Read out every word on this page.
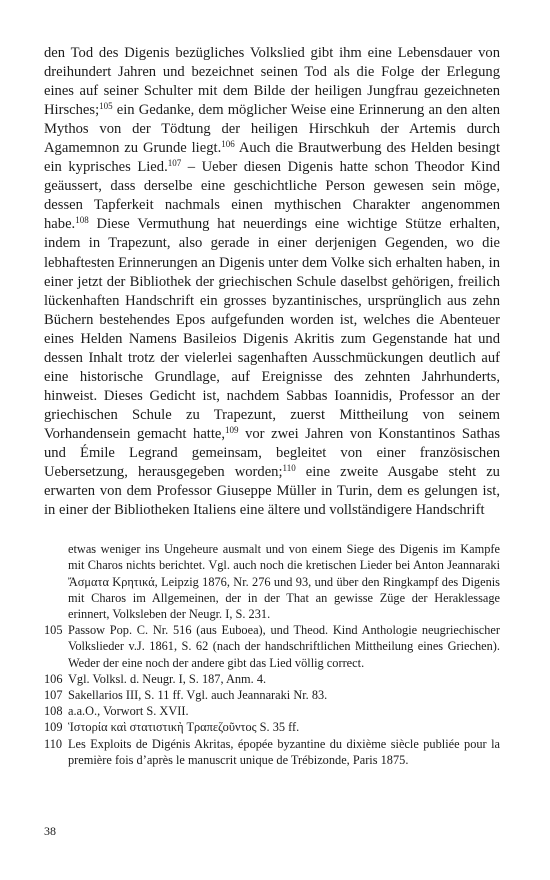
den Tod des Digenis bezügliches Volkslied gibt ihm eine Lebensdauer von dreihundert Jahren und bezeichnet seinen Tod als die Folge der Erlegung eines auf seiner Schulter mit dem Bilde der heiligen Jungfrau gezeichneten Hirsches;$^{105}$ ein Gedanke, dem möglicher Weise eine Erinnerung an den alten Mythos von der Tödtung der heiligen Hirschkuh der Artemis durch Agamemnon zu Grunde liegt.$^{106}$ Auch die Brautwerbung des Helden besingt ein kyprisches Lied.$^{107}$ – Ueber diesen Digenis hatte schon Theodor Kind geäussert, dass derselbe eine geschichtliche Person gewesen sein möge, dessen Tapferkeit nachmals einen mythischen Charakter angenommen habe.$^{108}$ Diese Vermuthung hat neuerdings eine wichtige Stütze erhalten, indem in Trapezunt, also gerade in einer derjenigen Gegenden, wo die lebhaftesten Erinnerungen an Digenis unter dem Volke sich erhalten haben, in einer jetzt der Bibliothek der griechischen Schule daselbst gehörigen, freilich lückenhaften Handschrift ein grosses byzantinisches, ursprünglich aus zehn Büchern bestehendes Epos aufgefunden worden ist, welches die Abenteuer eines Helden Namens Basileios Digenis Akritis zum Gegenstande hat und dessen Inhalt trotz der vielerlei sagenhaften Ausschmückungen deutlich auf eine historische Grundlage, auf Ereignisse des zehnten Jahrhunderts, hinweist. Dieses Gedicht ist, nachdem Sabbas Ioannidis, Professor an der griechischen Schule zu Trapezunt, zuerst Mittheilung von seinem Vorhandensein gemacht hatte,$^{109}$ vor zwei Jahren von Konstantinos Sathas und Émile Legrand gemeinsam, begleitet von einer französischen Uebersetzung, herausgegeben worden;$^{110}$ eine zweite Ausgabe steht zu erwarten von dem Professor Giuseppe Müller in Turin, dem es gelungen ist, in einer der Bibliotheken Italiens eine ältere und vollständigere Handschrift

etwas weniger ins Ungeheure ausmalt und von einem Siege des Digenis im Kampfe mit Charos nichts berichtet. Vgl. auch noch die kretischen Lieder bei Anton Jeannaraki Ἄσματα Κρητικά, Leipzig 1876, Nr. 276 und 93, und über den Ringkampf des Digenis mit Charos im Allgemeinen, der in der That an gewisse Züge der Heraklessage erinnert, Volksleben der Neugr. I, S. 231.

105 Passow Pop. C. Nr. 516 (aus Euboea), und Theod. Kind Anthologie neugriechischer Volkslieder v.J. 1861, S. 62 (nach der handschriftlichen Mittheilung eines Griechen). Weder der eine noch der andere gibt das Lied völlig correct.
106 Vgl. Volksl. d. Neugr. I, S. 187, Anm. 4.
107 Sakellarios III, S. 11 ff. Vgl. auch Jeannaraki Nr. 83.
108 a.a.O., Vorwort S. XVII.
109 Ἱστορία καὶ στατιστικὴ Τραπεζοῦντος S. 35 ff.
110 Les Exploits de Digénis Akritas, épopée byzantine du dixième siècle publiée pour la première fois d’après le manuscrit unique de Trébizonde, Paris 1875.
38
